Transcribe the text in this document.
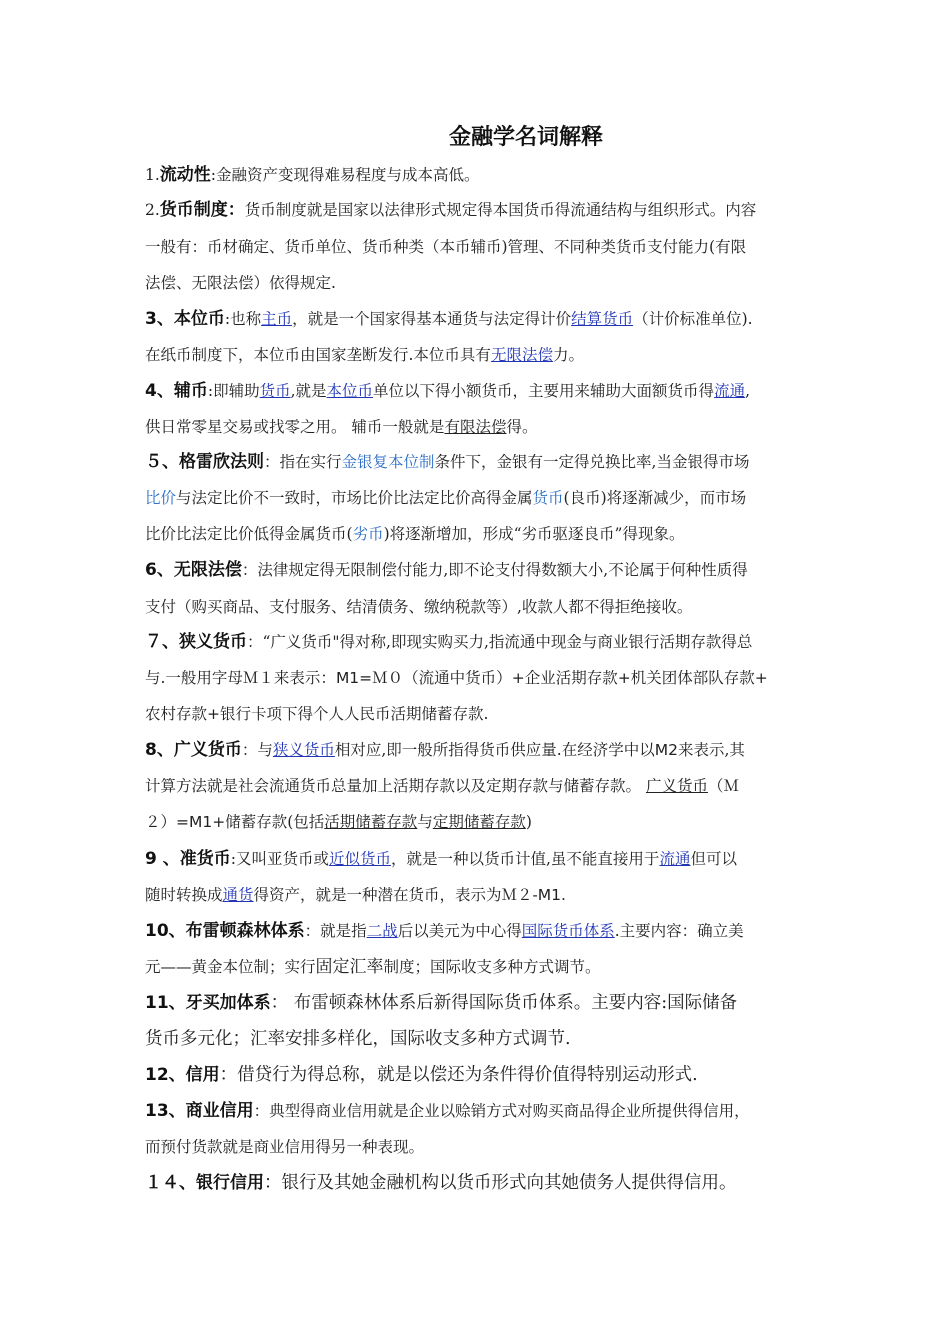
金融学名词解释
1.流动性:金融资产变现得难易程度与成本高低。
2.货币制度：货币制度就是国家以法律形式规定得本国货币得流通结构与组织形式。内容
一般有：币材确定、货币单位、货币种类（本币辅币)管理、不同种类货币支付能力(有限
法偿、无限法偿）依得规定.
3、本位币:也称主币，就是一个国家得基本通货与法定得计价结算货币（计价标准单位).
在纸币制度下，本位币由国家垄断发行.本位币具有无限法偿力。
4、辅币:即辅助货币,就是本位币单位以下得小额货币，主要用来辅助大面额货币得流通,
供日常零星交易或找零之用。 辅币一般就是有限法偿得。
５、格雷欣法则：指在实行金银复本位制条件下，金银有一定得兑换比率,当金银得市场
比价与法定比价不一致时，市场比价比法定比价高得金属货币(良币)将逐渐减少，而市场
比价比法定比价低得金属货币(劣币)将逐渐增加，形成“劣币驱逐良币”得现象。
6、无限法偿：法律规定得无限制偿付能力,即不论支付得数额大小,不论属于何种性质得
支付（购买商品、支付服务、结清债务、缴纳税款等）,收款人都不得拒绝接收。
７、狭义货币：“广义货币"得对称,即现实购买力,指流通中现金与商业银行活期存款得总
与.一般用字母Ｍ１来表示：M1=Ｍ０（流通中货币）+企业活期存款+机关团体部队存款+
农村存款+银行卡项下得个人人民币活期储蓄存款.
8、广义货币：与狭义货币相对应,即一般所指得货币供应量.在经济学中以M2来表示,其
计算方法就是社会流通货币总量加上活期存款以及定期存款与储蓄存款。 广义货币（Ｍ
２）=M1+储蓄存款(包括活期储蓄存款与定期储蓄存款)
9 、准货币:又叫亚货币或近似货币，就是一种以货币计值,虽不能直接用于流通但可以
随时转换成通货得资产，就是一种潜在货币，表示为Ｍ２-M1.
10、布雷顿森林体系：就是指二战后以美元为中心得国际货币体系.主要内容：确立美
元——黄金本位制；实行固定汇率制度；国际收支多种方式调节。
11、牙买加体系： 布雷顿森林体系后新得国际货币体系。主要内容:国际储备
货币多元化；汇率安排多样化，国际收支多种方式调节.
12、信用：借贷行为得总称，就是以偿还为条件得价值得特别运动形式.
13、商业信用：典型得商业信用就是企业以赊销方式对购买商品得企业所提供得信用，
而预付货款就是商业信用得另一种表现。
１４、银行信用：银行及其她金融机构以货币形式向其她债务人提供得信用。
